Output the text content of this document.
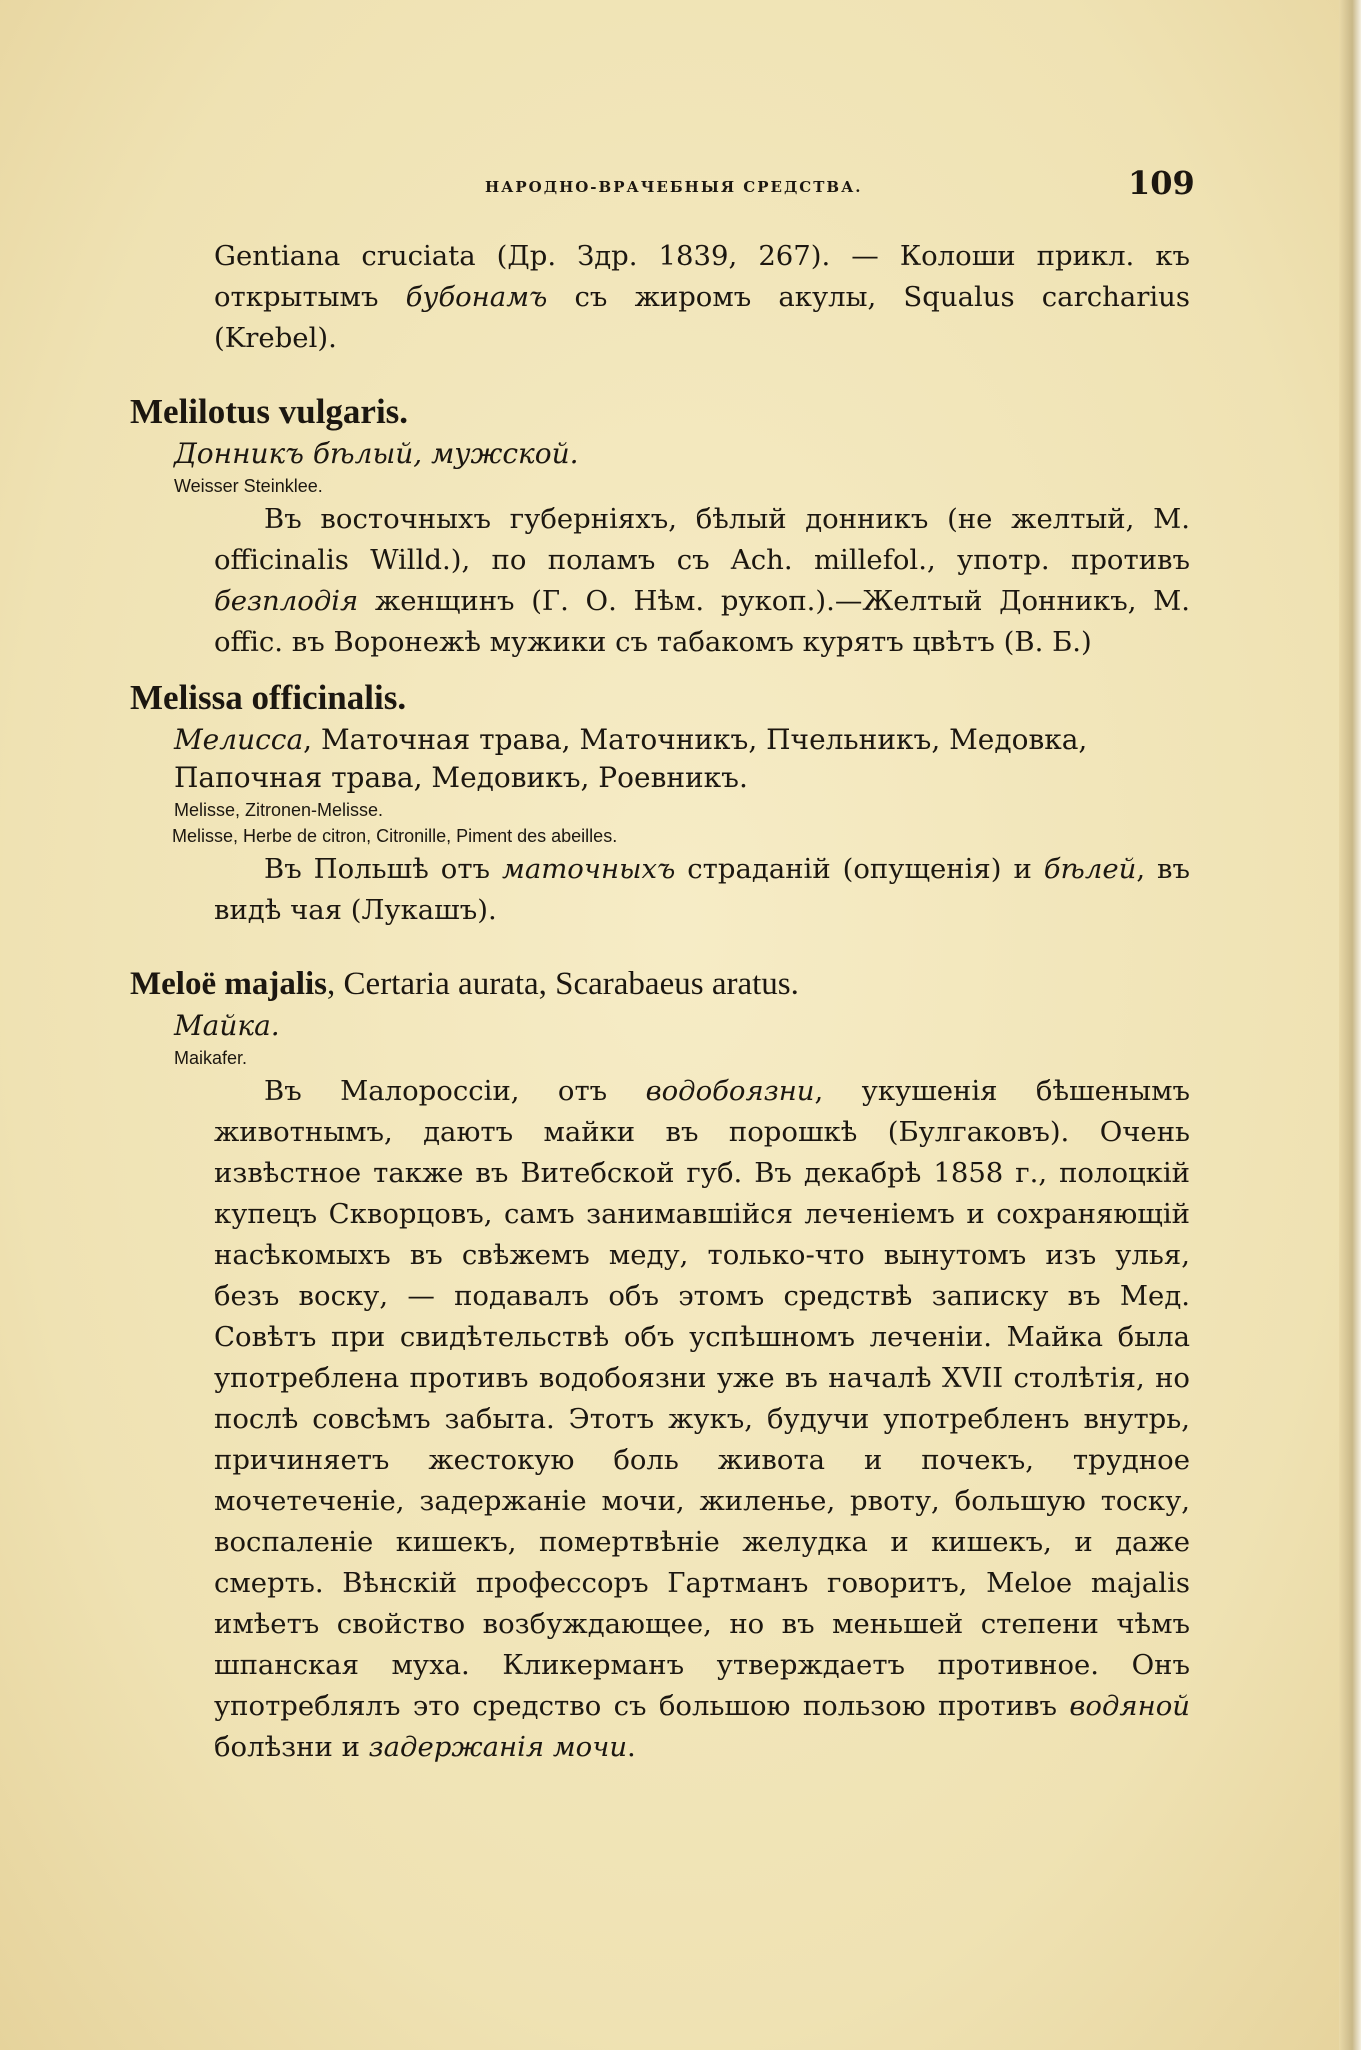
НАРОДНО-ВРАЧЕБНЫЯ СРЕДСТВА.	109

Gentiana cruciata (Др. Здр. 1839, 267). — Колоши прикл. къ открытымъ бубонамъ съ жиромъ акулы, Squalus carcharius (Krebel).

Melilotus vulgaris.

Донникъ бѣлый, мужской.

Weisser Steinklee.

Въ восточныхъ губерніяхъ, бѣлый донникъ (не желтый, M. officinalis Willd.), по поламъ съ Ach. millefol., употр. противъ безплодія женщинъ (Г. О. Нѣм. рукоп.).—Желтый Донникъ, M. offic. въ Воронежѣ мужики съ табакомъ курятъ цвѣтъ (В. Б.)

Melissa officinalis.

Мелисса, Маточная трава, Маточникъ, Пчельникъ, Медовка, Папочная трава, Медовикъ, Роевникъ.

Melisse, Zitronen-Melisse.

Melisse, Herbe de citron, Citronille, Piment des abeilles.

Въ Польшѣ отъ маточныхъ страданій (опущенія) и бѣлей, въ видѣ чая (Лукашъ).

Meloë majalis, Certaria aurata, Scarabaeus aratus.

Майка.

Maikafer.

Въ Малороссіи, отъ водобоязни, укушенія бѣшенымъ животнымъ, даютъ майки въ порошкѣ (Булгаковъ). Очень извѣстное также въ Витебской губ. Въ декабрѣ 1858 г., полоцкій купецъ Скворцовъ, самъ занимавшійся леченіемъ и сохраняющій насѣкомыхъ въ свѣжемъ меду, только-что вынутомъ изъ улья, безъ воску, — подавалъ объ этомъ средствѣ записку въ Мед. Совѣтъ при свидѣтельствѣ объ успѣшномъ леченіи. Майка была употреблена противъ водобоязни уже въ началѣ XVII столѣтія, но послѣ совсѣмъ забыта. Этотъ жукъ, будучи употребленъ внутрь, причиняетъ жестокую боль живота и почекъ, трудное мочетеченіе, задержаніе мочи, жиленье, рвоту, большую тоску, воспаленіе кишекъ, помертвѣніе желудка и кишекъ, и даже смерть. Вѣнскій профессоръ Гартманъ говоритъ, Meloe majalis имѣетъ свойство возбуждающее, но въ меньшей степени чѣмъ шпанская муха. Кликерманъ утверждаетъ противное. Онъ употреблялъ это средство съ большою пользою противъ водяной болѣзни и задержанія мочи.
